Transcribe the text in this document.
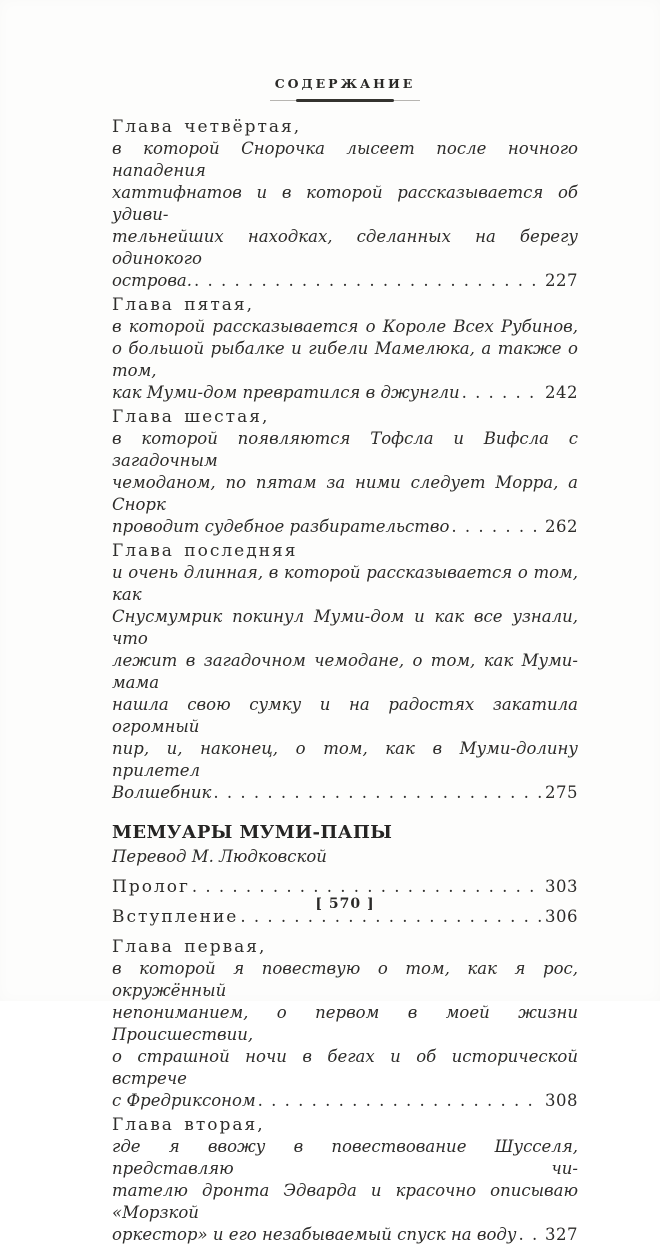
СОДЕРЖАНИЕ
Глава четвёртая,
в которой Снорочка лысеет после ночного нападения
хаттифнатов и в которой рассказывается об удиви-
тельнейших находках, сделанных на берегу одинокого
острова. . . .	227
Глава пятая,
в которой рассказывается о Короле Всех Рубинов,
о большой рыбалке и гибели Мамелюка, а также о том,
как Муми-дом превратился в джунгли . . .	242
Глава шестая,
в которой появляются Тофсла и Вифсла с загадочным
чемоданом, по пятам за ними следует Морра, а Снорк
проводит судебное разбирательство . . .	262
Глава последняя
и очень длинная, в которой рассказывается о том, как
Снусмумрик покинул Муми-дом и как все узнали, что
лежит в загадочном чемодане, о том, как Муми-мама
нашла свою сумку и на радостях закатила огромный
пир, и, наконец, о том, как в Муми-долину прилетел
Волшебник . . .	275
МЕМУАРЫ МУМИ-ПАПЫ
Перевод М. Людковской
Пролог . . .	303
Вступление . . .	306
Глава первая,
в которой я повествую о том, как я рос, окружённый
непониманием, о первом в моей жизни Происшествии,
о страшной ночи в бегах и об исторической встрече
с Фредриксоном . . .	308
Глава вторая,
где я ввожу в повествование Шусселя, представляю чи-
тателю дронта Эдварда и красочно описываю «Морзкой
оркестор» и его незабываемый спуск на воду . . . 327
[ 570 ]
